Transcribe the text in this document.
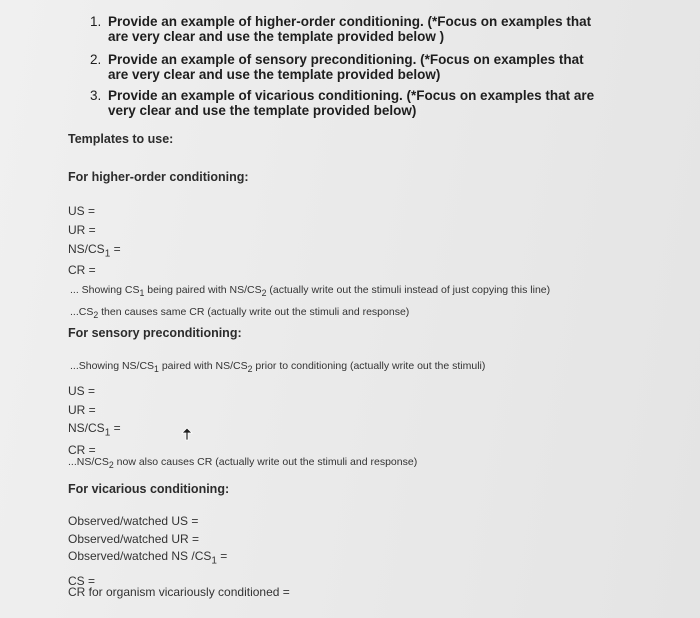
1. Provide an example of higher-order conditioning. (*Focus on examples that
are very clear and use the template provided below )
2. Provide an example of sensory preconditioning. (*Focus on examples that
are very clear and use the template provided below)
3. Provide an example of vicarious conditioning. (*Focus on examples that are
very clear and use the template provided below)
Templates to use:
For higher-order conditioning:
US =
UR =
$NS/CS_1$ =
CR =
... Showing $CS_1$ being paired with $NS/CS_2$ (actually write out the stimuli instead of just copying this line)
$...CS_2$ then causes same CR (actually write out the stimuli and response)
For sensory preconditioning:
...Showing $NS/CS_1$ paired with $NS/CS_2$ prior to conditioning (actually write out the stimuli)
US =
UR =
$NS/CS_1$ =
CR =
$...NS/CS_2$ now also causes CR (actually write out the stimuli and response)
For vicarious conditioning:
Observed/watched US =
Observed/watched UR =
Observed/watched NS $/CS_1$ =
CS =
CR for organism vicariously conditioned =
